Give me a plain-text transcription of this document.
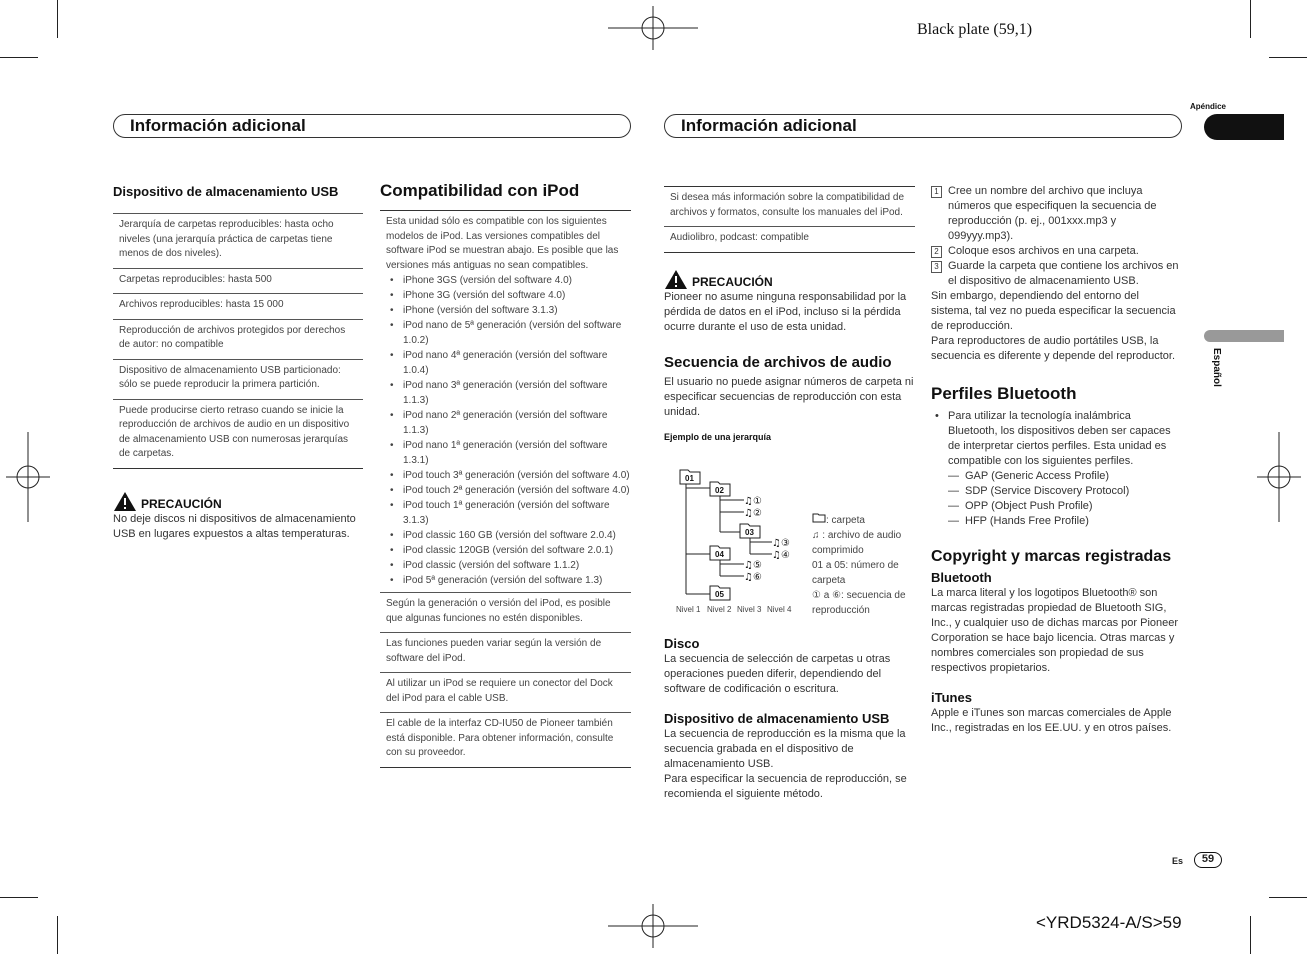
Black plate (59,1)
<YRD5324-A/S>59
Información adicional	Información adicional
Apéndice
Español
Dispositivo de almacenamiento USB
Jerarquía de carpetas reproducibles: hasta ocho niveles (una jerarquía práctica de carpetas tiene menos de dos niveles).
Carpetas reproducibles: hasta 500
Archivos reproducibles: hasta 15 000
Reproducción de archivos protegidos por derechos de autor: no compatible
Dispositivo de almacenamiento USB particionado: sólo se puede reproducir la primera partición.
Puede producirse cierto retraso cuando se inicie la reproducción de archivos de audio en un dispositivo de almacenamiento USB con numerosas jerarquías de carpetas.
PRECAUCIÓN
No deje discos ni dispositivos de almacenamiento USB en lugares expuestos a altas temperaturas.
Compatibilidad con iPod
Esta unidad sólo es compatible con los siguientes modelos de iPod. Las versiones compatibles del software iPod se muestran abajo. Es posible que las versiones más antiguas no sean compatibles.
• iPhone 3GS (versión del software 4.0)
• iPhone 3G (versión del software 4.0)
• iPhone (versión del software 3.1.3)
• iPod nano de 5ª generación (versión del software 1.0.2)
• iPod nano 4ª generación (versión del software 1.0.4)
• iPod nano 3ª generación (versión del software 1.1.3)
• iPod nano 2ª generación (versión del software 1.1.3)
• iPod nano 1ª generación (versión del software 1.3.1)
• iPod touch 3ª generación (versión del software 4.0)
• iPod touch 2ª generación (versión del software 4.0)
• iPod touch 1ª generación (versión del software 3.1.3)
• iPod classic 160 GB (versión del software 2.0.4)
• iPod classic 120GB (versión del software 2.0.1)
• iPod classic (versión del software 1.1.2)
• iPod 5ª generación (versión del software 1.3)
Según la generación o versión del iPod, es posible que algunas funciones no estén disponibles.
Las funciones pueden variar según la versión de software del iPod.
Al utilizar un iPod se requiere un conector del Dock del iPod para el cable USB.
El cable de la interfaz CD-IU50 de Pioneer también está disponible. Para obtener información, consulte con su proveedor.
Si desea más información sobre la compatibilidad de archivos y formatos, consulte los manuales del iPod.
Audiolibro, podcast: compatible
PRECAUCIÓN
Pioneer no asume ninguna responsabilidad por la pérdida de datos en el iPod, incluso si la pérdida ocurre durante el uso de esta unidad.
Secuencia de archivos de audio
El usuario no puede asignar números de carpeta ni especificar secuencias de reproducción con esta unidad.
Ejemplo de una jerarquía
01
02
03
04
05
♫ ①
♫ ②
♫ ③
♫ ④
♫ ⑤
♫ ⑥
Nivel 1 Nivel 2 Nivel 3 Nivel 4
: carpeta
♫ : archivo de audio comprimido
01 a 05: número de carpeta
① a ⑥: secuencia de reproducción
Disco
La secuencia de selección de carpetas u otras operaciones pueden diferir, dependiendo del software de codificación o escritura.
Dispositivo de almacenamiento USB
La secuencia de reproducción es la misma que la secuencia grabada en el dispositivo de almacenamiento USB.
Para especificar la secuencia de reproducción, se recomienda el siguiente método.
1 Cree un nombre del archivo que incluya números que especifiquen la secuencia de reproducción (p. ej., 001xxx.mp3 y 099yyy.mp3).
2 Coloque esos archivos en una carpeta.
3 Guarde la carpeta que contiene los archivos en el dispositivo de almacenamiento USB.
Sin embargo, dependiendo del entorno del sistema, tal vez no pueda especificar la secuencia de reproducción.
Para reproductores de audio portátiles USB, la secuencia es diferente y depende del reproductor.
Perfiles Bluetooth
• Para utilizar la tecnología inalámbrica Bluetooth, los dispositivos deben ser capaces de interpretar ciertos perfiles. Esta unidad es compatible con los siguientes perfiles.
— GAP (Generic Access Profile)
— SDP (Service Discovery Protocol)
— OPP (Object Push Profile)
— HFP (Hands Free Profile)
Copyright y marcas registradas
Bluetooth
La marca literal y los logotipos Bluetooth® son marcas registradas propiedad de Bluetooth SIG, Inc., y cualquier uso de dichas marcas por Pioneer Corporation se hace bajo licencia. Otras marcas y nombres comerciales son propiedad de sus respectivos propietarios.
iTunes
Apple e iTunes son marcas comerciales de Apple Inc., registradas en los EE.UU. y en otros países.
Es	59
